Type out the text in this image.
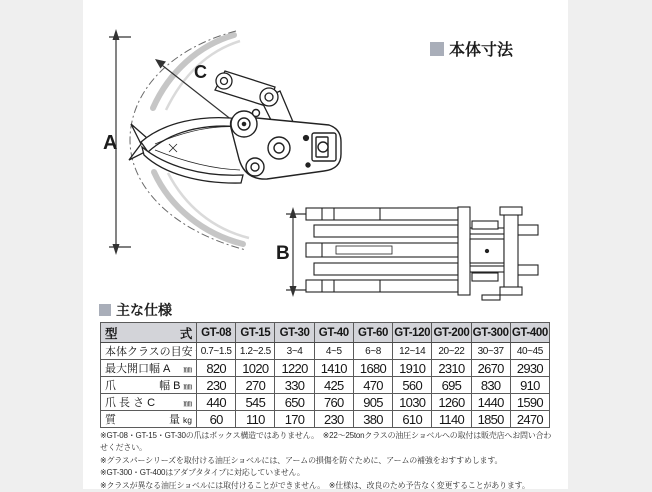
A
C
B
本体寸法
主な仕様
型 式	GT-08	GT-15	GT-30	GT-40	GT-60	GT-120	GT-200	GT-300	GT-400

本体クラスの目安	0.7~1.5	1.2~2.5	3~4	4~5	6~8	12~14	20~22	30~37	40~45

最大開口幅 A ㎜	820	1020	1220	1410	1680	1910	2310	2670	2930

爪 幅 B ㎜	230	270	330	425	470	560	695	830	910

爪 長 さ C ㎜	440	545	650	760	905	1030	1260	1440	1590

質 量 kg	60	110	170	230	380	610	1140	1850	2470
※GT-08・GT-15・GT-30の爪はボックス構造ではありません。　※22～25tonクラスの油圧ショベルへの取付は販売店へお問い合わせください。
※グラスパーシリーズを取付ける油圧ショベルには、アームの損傷を防ぐために、アームの補強をおすすめします。
※GT-300・GT-400はアダプタタイプに対応していません。
※クラスが異なる油圧ショベルには取付けることができません。　※仕様は、改良のため予告なく変更することがあります。
